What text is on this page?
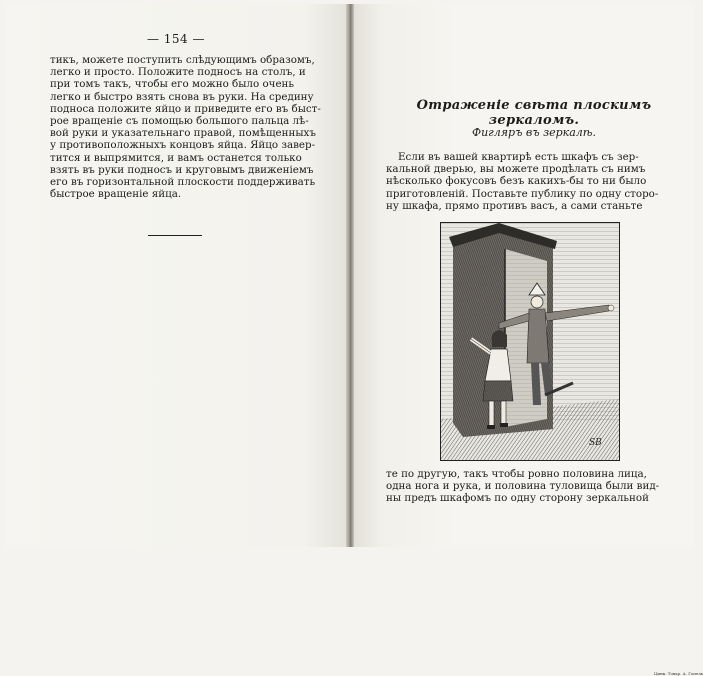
— 154 —
тикъ, можете поступить слѣдующимъ образомъ,
легко и просто. Положите подносъ на столъ, и
при томъ такъ, чтобы его можно было очень
легко и быстро взять снова въ руки. На средину
подноса положите яйцо и приведите его въ быст-
рое вращеніе съ помощью большого пальца лѣ-
вой руки и указательнаго правой, помѣщенныхъ
у противоположныхъ концовъ яйца. Яйцо завер-
тится и выпрямится, и вамъ останется только
взять въ руки подносъ и круговымъ движеніемъ
его въ горизонтальной плоскости поддерживать
быстрое вращеніе яйца.
Отраженіе свѣта плоскимъ зеркаломъ.
Фигляръ въ зеркалѣ.
Если въ вашей квартирѣ есть шкафъ съ зер-
кальной дверью, вы можете продѣлать съ нимъ
нѣсколько фокусовъ безъ какихъ-бы то ни было
приготовленій. Поставьте публику по одну сторо-
ну шкафа, прямо противъ васъ, а сами станьте
SB
Цинк. Товар. А. Гопель
те по другую, такъ чтобы ровно половина лица,
одна нога и рука, и половина туловища были вид-
ны предъ шкафомъ по одну сторону зеркальной
